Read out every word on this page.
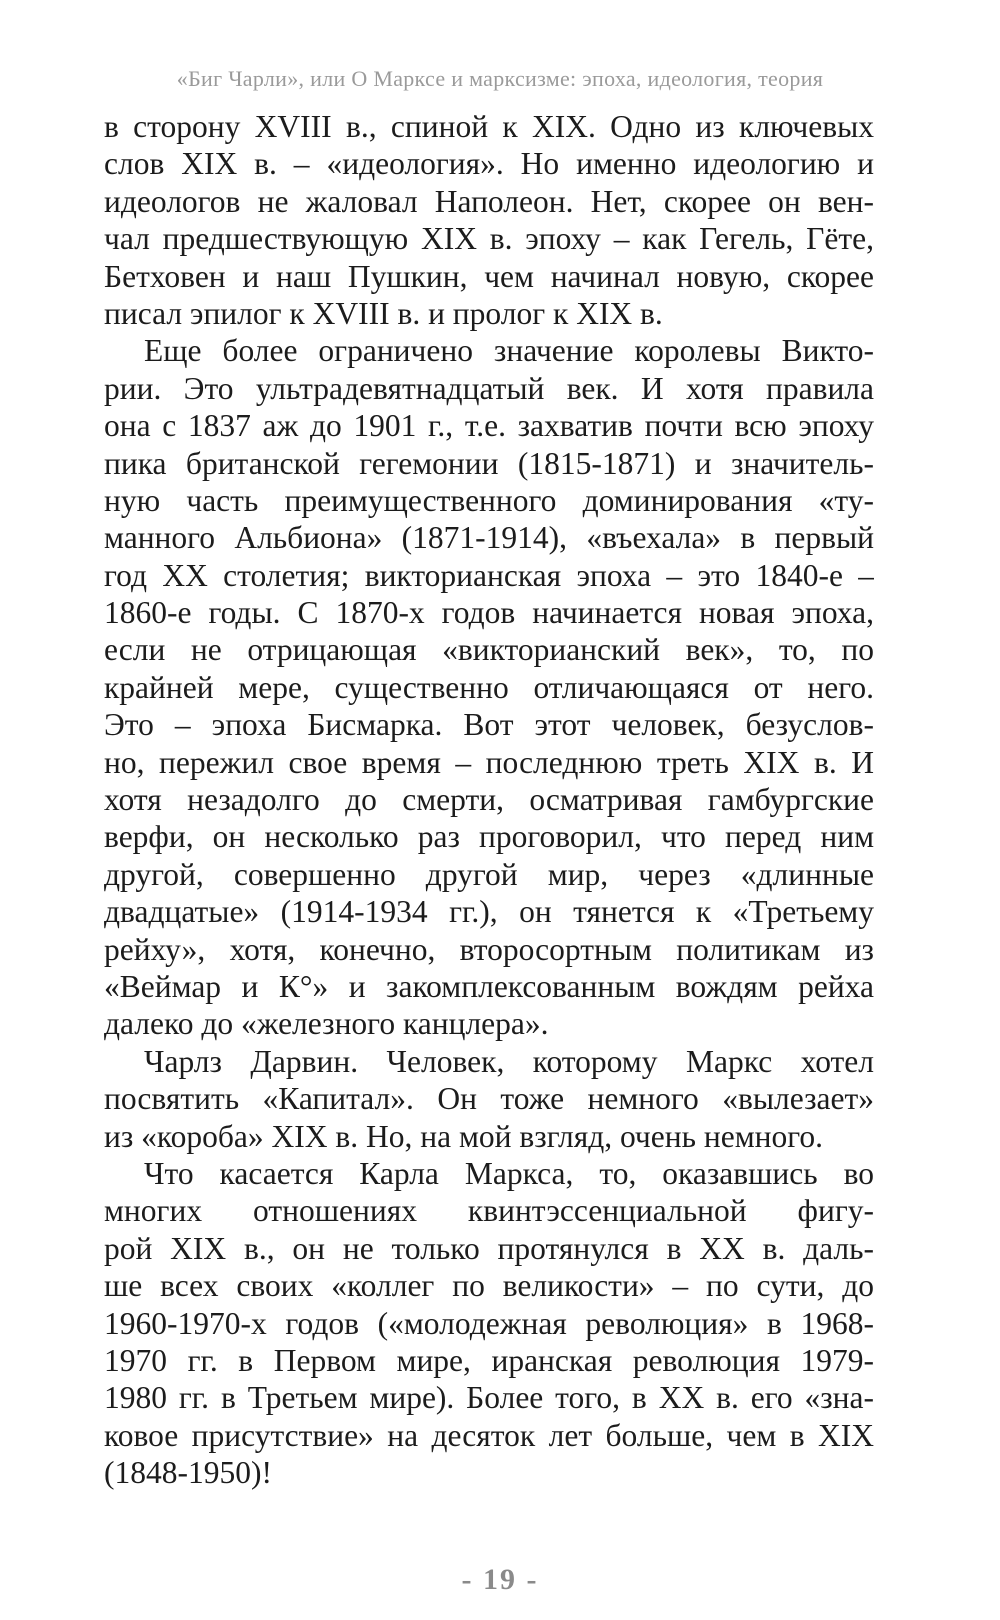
«Биг Чарли», или О Марксе и марксизме: эпоха, идеология, теория
в сторону XVIII в., спиной к XIX. Одно из ключевых
слов XIX в. – «идеология». Но именно идеологию и
идеологов не жаловал Наполеон. Нет, скорее он вен-
чал предшествующую XIX в. эпоху – как Гегель, Гёте,
Бетховен и наш Пушкин, чем начинал новую, скорее
писал эпилог к XVIII в. и пролог к XIX в.
Еще более ограничено значение королевы Викто-
рии. Это ультрадевятнадцатый век. И хотя правила
она с 1837 аж до 1901 г., т.е. захватив почти всю эпоху
пика британской гегемонии (1815-1871) и значитель-
ную часть преимущественного доминирования «ту-
манного Альбиона» (1871-1914), «въехала» в первый
год XX столетия; викторианская эпоха – это 1840-е –
1860-е годы. С 1870-х годов начинается новая эпоха,
если не отрицающая «викторианский век», то, по
крайней мере, существенно отличающаяся от него.
Это – эпоха Бисмарка. Вот этот человек, безуслов-
но, пережил свое время – последнюю треть XIX в. И
хотя незадолго до смерти, осматривая гамбургские
верфи, он несколько раз проговорил, что перед ним
другой, совершенно другой мир, через «длинные
двадцатые» (1914-1934 гг.), он тянется к «Третьему
рейху», хотя, конечно, второсортным политикам из
«Веймар и К°» и закомплексованным вождям рейха
далеко до «железного канцлера».
Чарлз Дарвин. Человек, которому Маркс хотел
посвятить «Капитал». Он тоже немного «вылезает»
из «короба» XIX в. Но, на мой взгляд, очень немного.
Что касается Карла Маркса, то, оказавшись во
многих отношениях квинтэссенциальной фигу-
рой XIX в., он не только протянулся в XX в. даль-
ше всех своих «коллег по великости» – по сути, до
1960-1970-х годов («молодежная революция» в 1968-
1970 гг. в Первом мире, иранская революция 1979-
1980 гг. в Третьем мире). Более того, в XX в. его «зна-
ковое присутствие» на десяток лет больше, чем в XIX
(1848-1950)!
- 19 -
